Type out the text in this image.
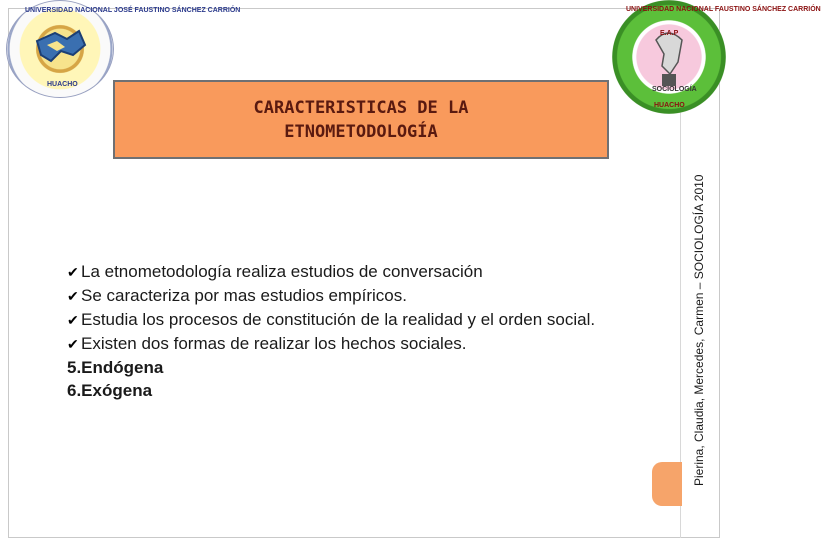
UNIVERSIDAD NACIONAL JOSÉ FAUSTINO SÁNCHEZ CARRIÓN
HUACHO
E.A.P
SOCIOLOGÍA
UNIVERSIDAD NACIONAL FAUSTINO SÁNCHEZ CARRIÓN
HUACHO
CARACTERISTICAS DE LA
ETNOMETODOLOGÍA
Pierina, Claudia, Mercedes, Carmen – SOCIOLOGÍA 2010
✔ La etnometodología realiza estudios de conversación
✔ Se caracteriza por mas estudios empíricos.
✔ Estudia los procesos de constitución de la realidad y el orden social.
✔ Existen dos formas de realizar los hechos sociales.
5.Endógena
6.Exógena
